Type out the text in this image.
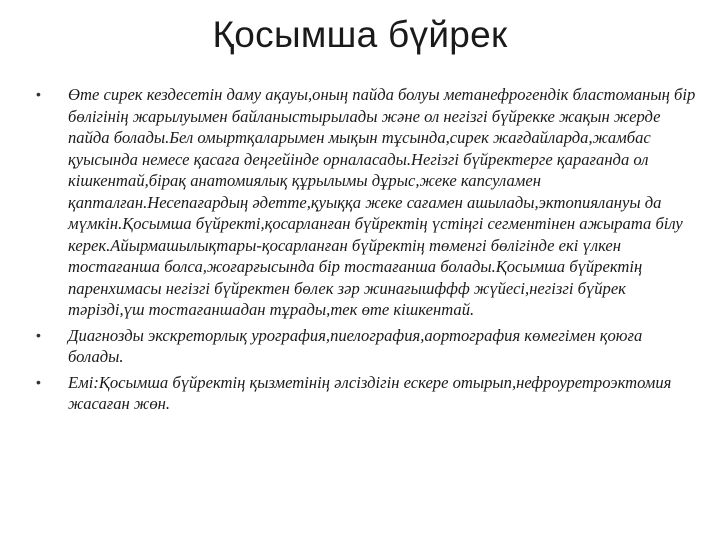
Қосымша бүйрек
• Өте сирек кездесетін даму ақауы,оның пайда болуы метанефрогендік бластоманың бір бөлігінің жарылуымен байланыстырылады және ол негізгі бүйрекке жақын жерде пайда болады.Бел омыртқаларымен мықын тұсында,сирек жағдайларда,жамбас қуысында немесе қасаға деңгейінде орналасады.Негізгі бүйректерге қарағанда ол кішкентай,бірақ анатомиялық құрылымы дұрыс,жеке капсуламен қапталған.Несепағардың әдетте,қуыққа жеке сағамен ашылады,эктопиялануы да мүмкін.Қосымша бүйректі,қосарланған бүйректің үстіңгі сегментінен ажырата білу керек.Айырмашылықтары-қосарланған бүйректің төменгі бөлігінде екі үлкен тостағанша болса,жоғарғысында бір тостағанша болады.Қосымша бүйректің паренхимасы негізгі бүйректен бөлек зәр жинағышффф жүйесі,негізгі бүйрек тәрізді,үш тостағаншадан тұрады,тек өте кішкентай.
• Диагнозды экскреторлық урография,пиелография,аортография көмегімен қоюға болады.
• Емі:Қосымша бүйректің қызметінің әлсіздігін ескере отырып,нефроуретроэктомия жасаған жөн.
